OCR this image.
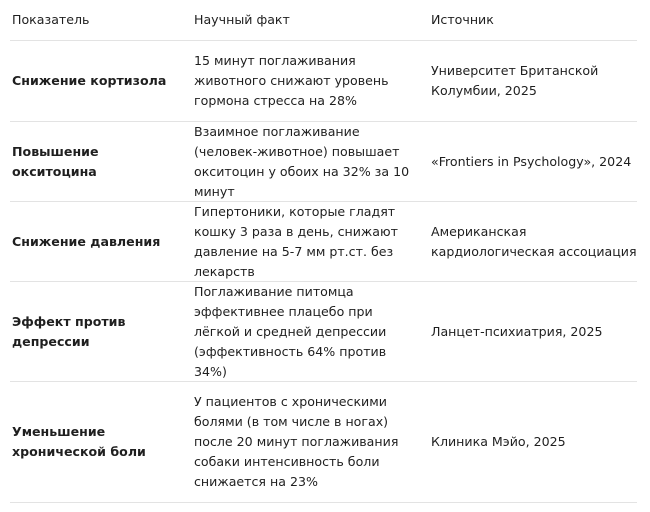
Показатель	Научный факт	Источник
Снижение кортизола
15 минут поглаживания животного снижают уровень гормона стресса на 28%
Университет Британской Колумбии, 2025
Повышение окситоцина
Взаимное поглаживание (человек-животное) повышает окситоцин у обоих на 32% за 10 минут
«Frontiers in Psychology», 2024
Снижение давления
Гипертоники, которые гладят кошку 3 раза в день, снижают давление на 5-7 мм рт.ст. без лекарств
Американская кардиологическая ассоциация
Эффект против депрессии
Поглаживание питомца эффективнее плацебо при лёгкой и средней депрессии (эффективность 64% против 34%)
Ланцет-психиатрия, 2025
Уменьшение хронической боли
У пациентов с хроническими болями (в том числе в ногах) после 20 минут поглаживания собаки интенсивность боли снижается на 23%
Клиника Мэйо, 2025
